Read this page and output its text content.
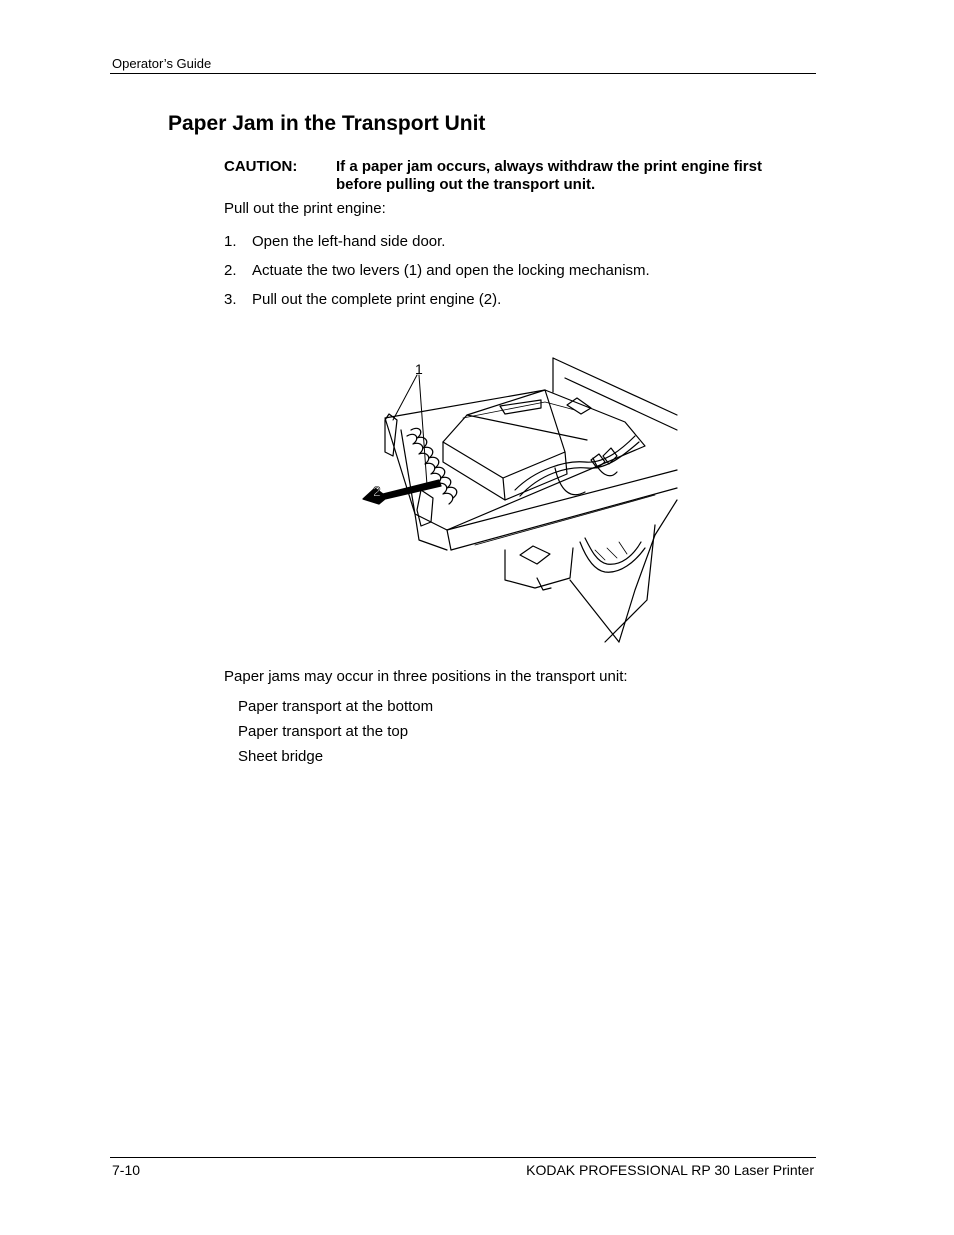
Operator’s Guide
Paper Jam in the Transport Unit
CAUTION:	If a paper jam occurs, always withdraw the print engine first before pulling out the transport unit.
Pull out the print engine:
1. Open the left-hand side door.
2. Actuate the two levers (1) and open the locking mechanism.
3. Pull out the complete print engine (2).
1
2
Paper jams may occur in three positions in the transport unit:
Paper transport at the bottom
Paper transport at the top
Sheet bridge
7-10	KODAK PROFESSIONAL RP 30 Laser Printer
